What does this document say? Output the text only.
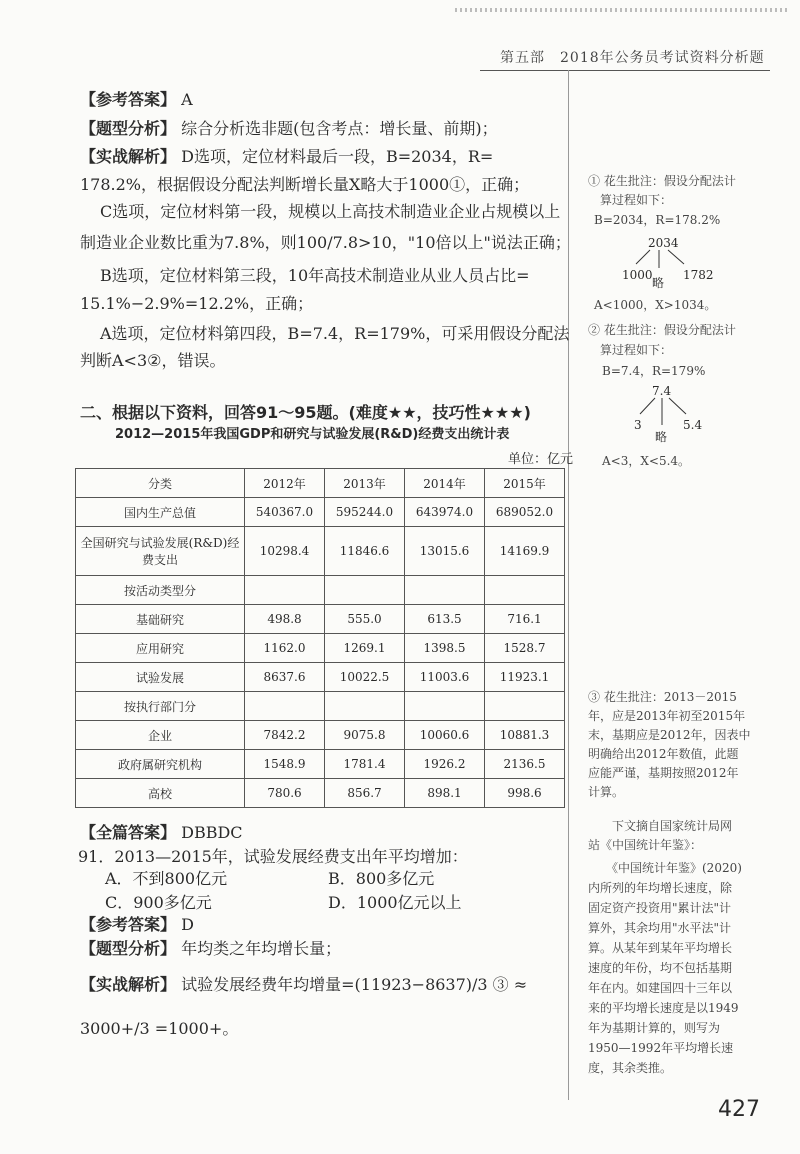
第五部　2018年公务员考试资料分析题
【参考答案】 A
【题型分析】 综合分析选非题(包含考点：增长量、前期)；
【实战解析】 D选项，定位材料最后一段，B=2034，R=
178.2%，根据假设分配法判断增长量X略大于1000①，正确；
C选项，定位材料第一段，规模以上高技术制造业企业占规模以上
制造业企业数比重为7.8%，则100/7.8>10，"10倍以上"说法正确；
B选项，定位材料第三段，10年高技术制造业从业人员占比=
15.1%−2.9%=12.2%，正确；
A选项，定位材料第四段，B=7.4，R=179%，可采用假设分配法
判断A<3②，错误。
二、根据以下资料，回答91～95题。(难度★★，技巧性★★★)
2012—2015年我国GDP和研究与试验发展(R&D)经费支出统计表
单位：亿元
分类	2012年	2013年	2014年	2015年
国内生产总值	540367.0	595244.0	643974.0	689052.0
全国研究与试验发展(R&D)经费支出	10298.4	11846.6	13015.6	14169.9
按活动类型分				
基础研究	498.8	555.0	613.5	716.1
应用研究	1162.0	1269.1	1398.5	1528.7
试验发展	8637.6	10022.5	11003.6	11923.1
按执行部门分				
企业	7842.2	9075.8	10060.6	10881.3
政府属研究机构	1548.9	1781.4	1926.2	2136.5
高校	780.6	856.7	898.1	998.6
【全篇答案】 DBBDC
91．2013—2015年，试验发展经费支出年平均增加：
A．不到800亿元	B．800多亿元
C．900多亿元	D．1000亿元以上
【参考答案】 D
【题型分析】 年均类之年均增长量；
【实战解析】 试验发展经费年均增量=(11923−8637)/3 ③ ≈
3000+/3 =1000+。
① 花生批注：假设分配法计
算过程如下：
B=2034，R=178.2%
2034
1000	1782
略
A<1000，X>1034。
② 花生批注：假设分配法计
算过程如下：
B=7.4，R=179%
7.4
3	5.4
略
A<3，X<5.4。
③ 花生批注：2013－2015
年，应是2013年初至2015年
末，基期应是2012年，因表中
明确给出2012年数值，此题
应能严谨，基期按照2012年
计算。
　　下文摘自国家统计局网
站《中国统计年鉴》：
　　《中国统计年鉴》(2020)
内所列的年均增长速度，除
固定资产投资用"累计法"计
算外，其余均用"水平法"计
算。从某年到某年平均增长
速度的年份，均不包括基期
年在内。如建国四十三年以
来的平均增长速度是以1949
年为基期计算的，则写为
1950—1992年平均增长速
度，其余类推。
427
